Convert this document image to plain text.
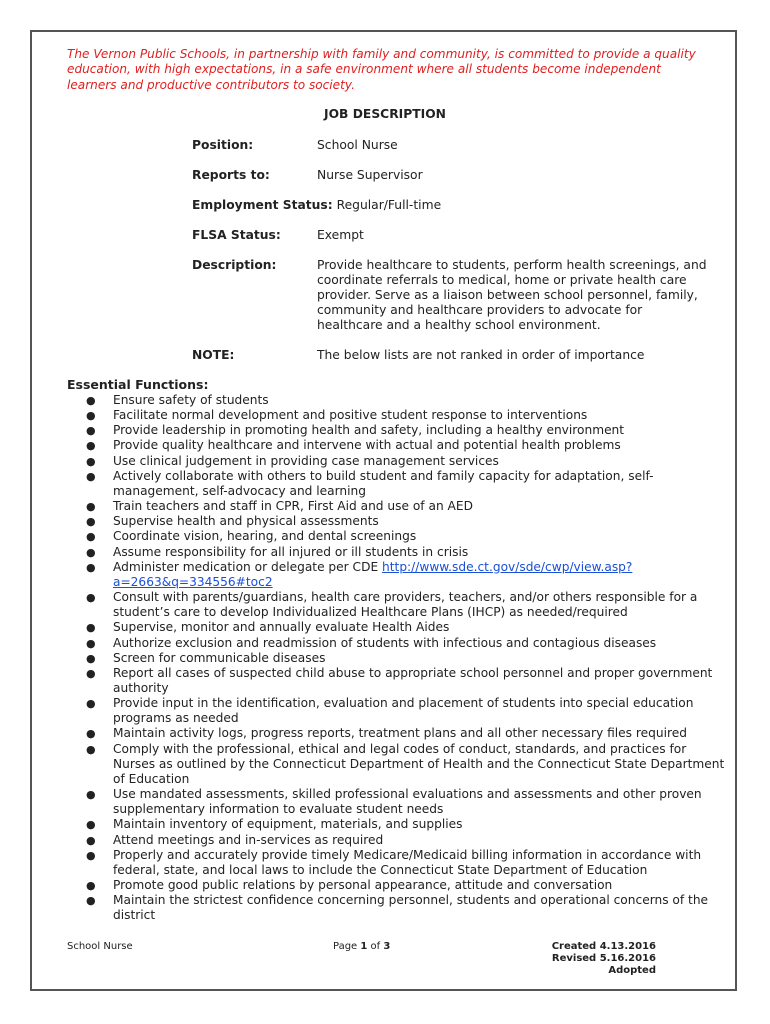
The Vernon Public Schools, in partnership with family and community, is committed to provide a quality education, with high expectations, in a safe environment where all students become independent learners and productive contributors to society.

JOB DESCRIPTION
Position:	School Nurse
Reports to:	Nurse Supervisor
Employment Status: Regular/Full-time
FLSA Status:	Exempt
Description:	Provide healthcare to students, perform health screenings, and coordinate referrals to medical, home or private health care provider. Serve as a liaison between school personnel, family, community and healthcare providers to advocate for healthcare and a healthy school environment.
NOTE:	The below lists are not ranked in order of importance
Essential Functions:
● Ensure safety of students
● Facilitate normal development and positive student response to interventions
● Provide leadership in promoting health and safety, including a healthy environment
● Provide quality healthcare and intervene with actual and potential health problems
● Use clinical judgement in providing case management services
● Actively collaborate with others to build student and family capacity for adaptation, self-management, self-advocacy and learning
● Train teachers and staff in CPR, First Aid and use of an AED
● Supervise health and physical assessments
● Coordinate vision, hearing, and dental screenings
● Assume responsibility for all injured or ill students in crisis
● Administer medication or delegate per CDE http://www.sde.ct.gov/sde/cwp/view.asp?a=2663&q=334556#toc2
● Consult with parents/guardians, health care providers, teachers, and/or others responsible for a student’s care to develop Individualized Healthcare Plans (IHCP) as needed/required
● Supervise, monitor and annually evaluate Health Aides
● Authorize exclusion and readmission of students with infectious and contagious diseases
● Screen for communicable diseases
● Report all cases of suspected child abuse to appropriate school personnel and proper government authority
● Provide input in the identification, evaluation and placement of students into special education programs as needed
● Maintain activity logs, progress reports, treatment plans and all other necessary files required
● Comply with the professional, ethical and legal codes of conduct, standards, and practices for Nurses as outlined by the Connecticut Department of Health and the Connecticut State Department of Education
● Use mandated assessments, skilled professional evaluations and assessments and other proven supplementary information to evaluate student needs
● Maintain inventory of equipment, materials, and supplies
● Attend meetings and in-services as required
● Properly and accurately provide timely Medicare/Medicaid billing information in accordance with federal, state, and local laws to include the Connecticut State Department of Education
● Promote good public relations by personal appearance, attitude and conversation
● Maintain the strictest confidence concerning personnel, students and operational concerns of the district
School Nurse	Page 1 of 3	Created 4.13.2016
Revised 5.16.2016
Adopted
